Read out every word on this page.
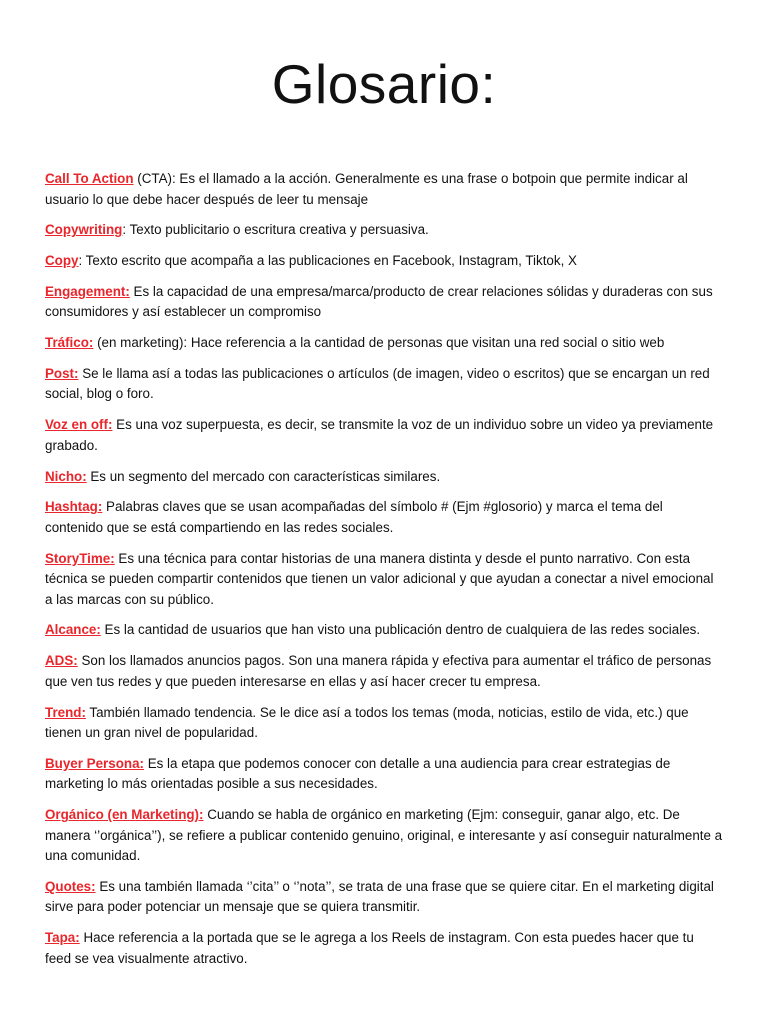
Glosario:

Call To Action (CTA): Es el llamado a la acción. Generalmente es una frase o botpoin que permite indicar al usuario lo que debe hacer después de leer tu mensaje

Copywriting: Texto publicitario o escritura creativa y persuasiva.

Copy: Texto escrito que acompaña a las publicaciones en Facebook, Instagram, Tiktok, X

Engagement: Es la capacidad de una empresa/marca/producto de crear relaciones sólidas y duraderas con sus consumidores y así establecer un compromiso

Tráfico: (en marketing): Hace referencia a la cantidad de personas que visitan una red social o sitio web

Post: Se le llama así a todas las publicaciones o artículos (de imagen, video o escritos) que se encargan un red social, blog o foro.

Voz en off: Es una voz superpuesta, es decir, se transmite la voz de un individuo sobre un video ya previamente grabado.

Nicho: Es un segmento del mercado con características similares.

Hashtag: Palabras claves que se usan acompañadas del símbolo # (Ejm #glosorio) y marca el tema del contenido que se está compartiendo en las redes sociales.

StoryTime: Es una técnica para contar historias de una manera distinta y desde el punto narrativo. Con esta técnica se pueden compartir contenidos que tienen un valor adicional y que ayudan a conectar a nivel emocional a las marcas con su público.

Alcance: Es la cantidad de usuarios que han visto una publicación dentro de cualquiera de las redes sociales.

ADS: Son los llamados anuncios pagos. Son una manera rápida y efectiva para aumentar el tráfico de personas que ven tus redes y que pueden interesarse en ellas y así hacer crecer tu empresa.

Trend: También llamado tendencia. Se le dice así a todos los temas (moda, noticias, estilo de vida, etc.) que tienen un gran nivel de popularidad.

Buyer Persona: Es la etapa que podemos conocer con detalle a una audiencia para crear estrategias de marketing lo más orientadas posible a sus necesidades.

Orgánico (en Marketing): Cuando se habla de orgánico en marketing (Ejm: conseguir, ganar algo, etc. De manera ‘’orgánica’’), se refiere a publicar contenido genuino, original, e interesante y así conseguir naturalmente a una comunidad.

Quotes: Es una también llamada ‘’cita’’ o ‘’nota’’, se trata de una frase que se quiere citar. En el marketing digital sirve para poder potenciar un mensaje que se quiera transmitir.

Tapa: Hace referencia a la portada que se le agrega a los Reels de instagram. Con esta puedes hacer que tu feed se vea visualmente atractivo.
